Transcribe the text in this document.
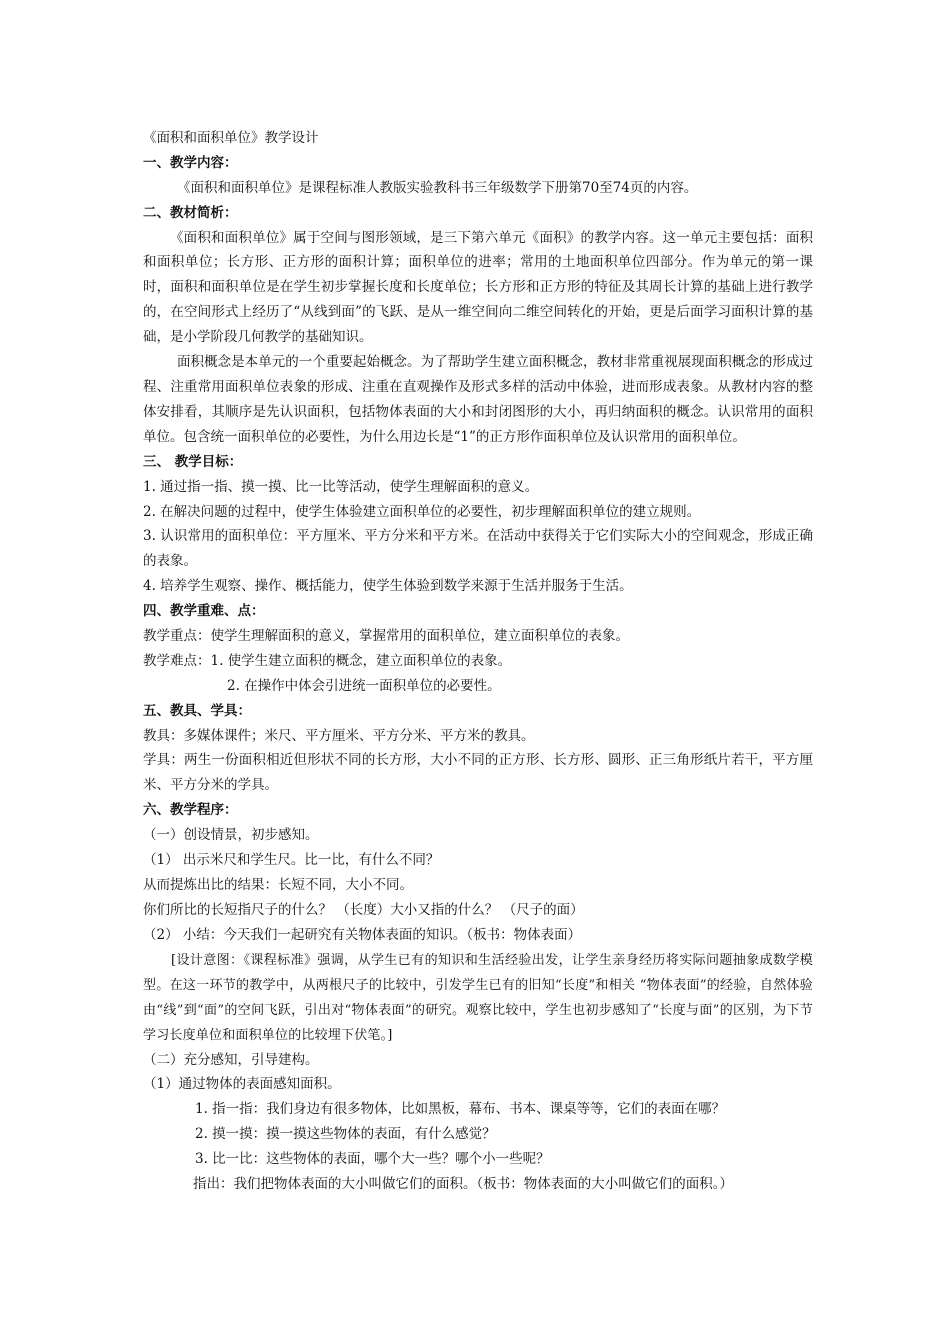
《面积和面积单位》教学设计
一、教学内容：
《面积和面积单位》是课程标准人教版实验教科书三年级数学下册第70至74页的内容。
二、教材简析：
《面积和面积单位》属于空间与图形领域，是三下第六单元《面积》的教学内容。这一单元主要包括：面积和面积单位；长方形、正方形的面积计算；面积单位的进率；常用的土地面积单位四部分。作为单元的第一课时，面积和面积单位是在学生初步掌握长度和长度单位；长方形和正方形的特征及其周长计算的基础上进行教学的，在空间形式上经历了“从线到面”的飞跃、是从一维空间向二维空间转化的开始，更是后面学习面积计算的基础，是小学阶段几何教学的基础知识。
面积概念是本单元的一个重要起始概念。为了帮助学生建立面积概念，教材非常重视展现面积概念的形成过程、注重常用面积单位表象的形成、注重在直观操作及形式多样的活动中体验，进而形成表象。从教材内容的整体安排看，其顺序是先认识面积，包括物体表面的大小和封闭图形的大小，再归纳面积的概念。认识常用的面积单位。包含统一面积单位的必要性，为什么用边长是“1”的正方形作面积单位及认识常用的面积单位。
三、 教学目标：
1. 通过指一指、摸一摸、比一比等活动，使学生理解面积的意义。
2. 在解决问题的过程中，使学生体验建立面积单位的必要性，初步理解面积单位的建立规则。
3. 认识常用的面积单位：平方厘米、平方分米和平方米。在活动中获得关于它们实际大小的空间观念，形成正确的表象。
4. 培养学生观察、操作、概括能力，使学生体验到数学来源于生活并服务于生活。
四、教学重难、点：
教学重点：使学生理解面积的意义，掌握常用的面积单位，建立面积单位的表象。
教学难点：1. 使学生建立面积的概念，建立面积单位的表象。
2. 在操作中体会引进统一面积单位的必要性。
五、教具、学具：
教具：多媒体课件；米尺、平方厘米、平方分米、平方米的教具。
学具：两生一份面积相近但形状不同的长方形，大小不同的正方形、长方形、圆形、正三角形纸片若干，平方厘米、平方分米的学具。
六、教学程序：
（一）创设情景，初步感知。
（1） 出示米尺和学生尺。比一比，有什么不同？
从而提炼出比的结果：长短不同，大小不同。
你们所比的长短指尺子的什么？ （长度）大小又指的什么？ （尺子的面）
（2） 小结：今天我们一起研究有关物体表面的知识。（板书：物体表面）
[设计意图：《课程标准》强调，从学生已有的知识和生活经验出发，让学生亲身经历将实际问题抽象成数学模型。在这一环节的教学中，从两根尺子的比较中，引发学生已有的旧知“长度”和相关 “物体表面”的经验，自然体验由“线”到“面”的空间飞跃，引出对“物体表面”的研究。观察比较中，学生也初步感知了“长度与面”的区别，为下节学习长度单位和面积单位的比较埋下伏笔。]
（二）充分感知，引导建构。
（1）通过物体的表面感知面积。
1. 指一指：我们身边有很多物体，比如黑板，幕布、书本、课桌等等，它们的表面在哪？
2. 摸一摸：摸一摸这些物体的表面，有什么感觉？
3. 比一比：这些物体的表面，哪个大一些？哪个小一些呢？
指出：我们把物体表面的大小叫做它们的面积。（板书：物体表面的大小叫做它们的面积。）
